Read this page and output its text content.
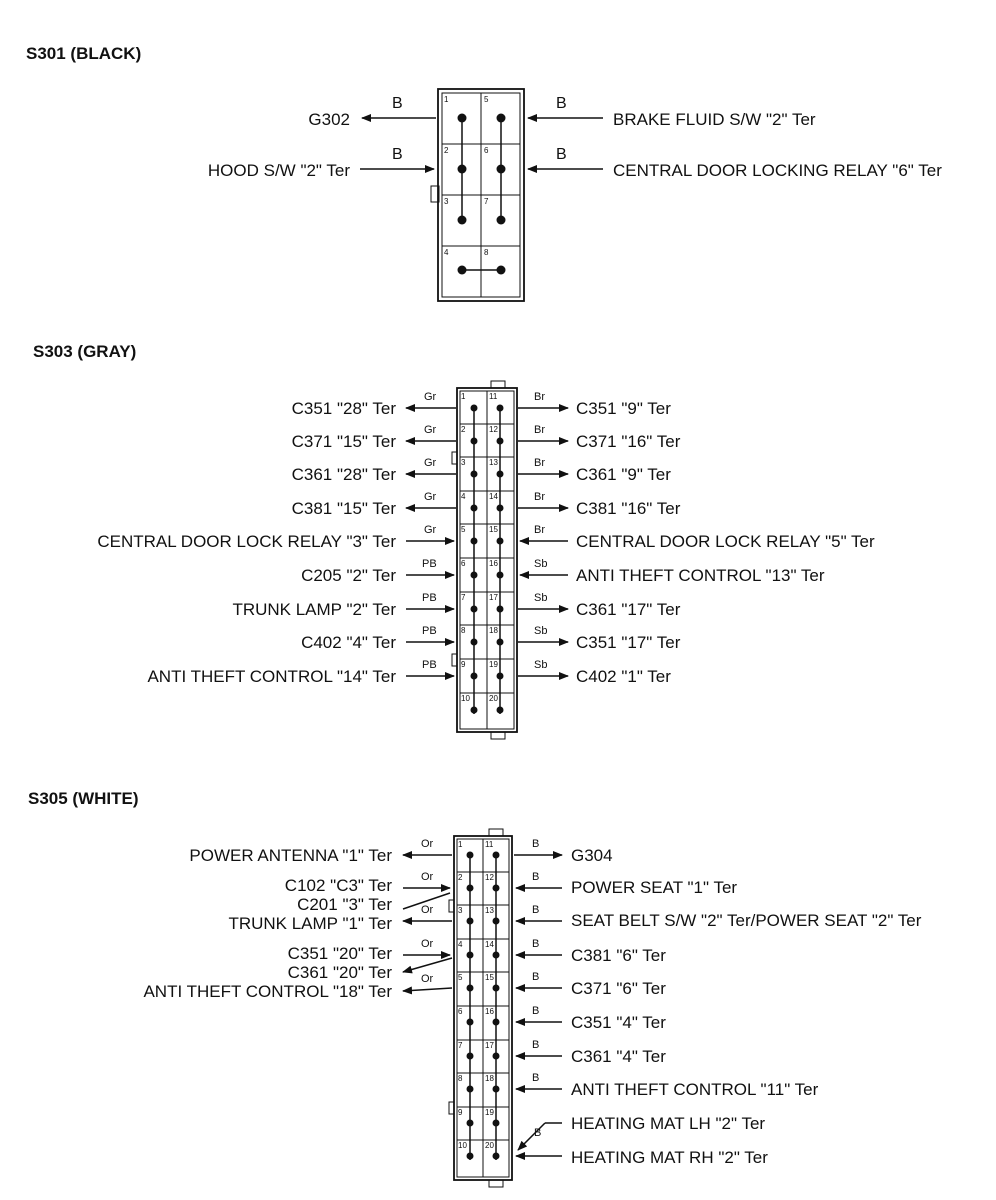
S301 (BLACK)
1
2
3
4
5
6
7
8
B
G302
B
HOOD S/W "2" Ter
B
BRAKE FLUID S/W "2" Ter
B
CENTRAL DOOR LOCKING RELAY "6" Ter
S303 (GRAY)
1
2
3
4
5
6
7
8
9
10
11
12
13
14
15
16
17
18
19
20
Gr
C351 "28" Ter
Gr
C371 "15" Ter
Gr
C361 "28" Ter
Gr
C381 "15" Ter
Gr
CENTRAL DOOR LOCK RELAY "3" Ter
PB
C205 "2" Ter
PB
TRUNK LAMP "2" Ter
PB
C402 "4" Ter
PB
ANTI THEFT CONTROL "14" Ter
Br
C351 "9" Ter
Br
C371 "16" Ter
Br
C361 "9" Ter
Br
C381 "16" Ter
Br
CENTRAL DOOR LOCK RELAY "5" Ter
Sb
ANTI THEFT CONTROL "13" Ter
Sb
C361 "17" Ter
Sb
C351 "17" Ter
Sb
C402 "1" Ter
S305 (WHITE)
1
2
3
4
5
6
7
8
9
10
11
12
13
14
15
16
17
18
19
20
Or
POWER ANTENNA "1" Ter
Or
C102 "C3" Ter
C201 "3" Ter	Or
TRUNK LAMP "1" Ter
Or
C351 "20" Ter
C361 "20" Ter	Or
ANTI THEFT CONTROL "18" Ter
B
G304
B
POWER SEAT "1" Ter
B
SEAT BELT S/W "2" Ter/POWER SEAT "2" Ter
B
C381 "6" Ter
B
C371 "6" Ter
B
C351 "4" Ter
B
C361 "4" Ter
B
ANTI THEFT CONTROL "11" Ter
B HEATING MAT LH "2" Ter
HEATING MAT RH "2" Ter
